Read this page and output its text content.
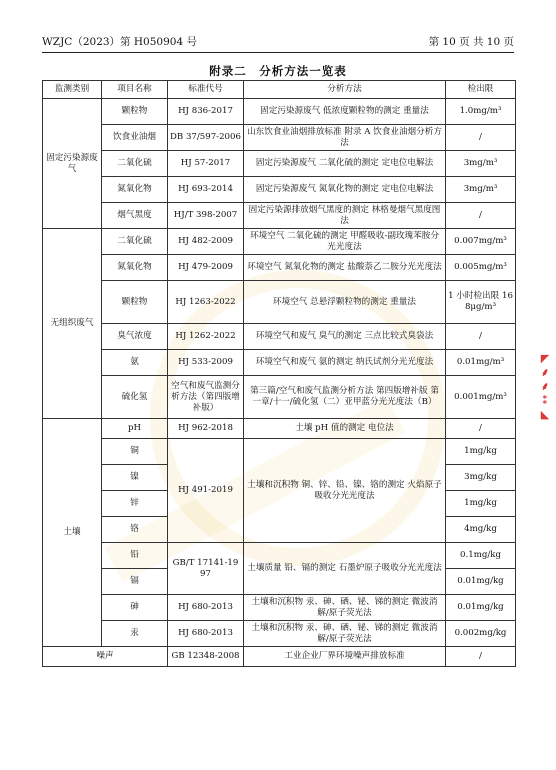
WZJC（2023）第 H050904 号	第 10 页 共 10 页
附录二　分析方法一览表
监测类别	项目名称	标准代号	分析方法	检出限
固定污染源废气	颗粒物	HJ 836-2017	固定污染源废气 低浓度颗粒物的测定 重量法	1.0mg/m³
	饮食业油烟	DB 37/597-2006	山东饮食业油烟排放标准 附录 A 饮食业油烟分析方法	/
	二氧化硫	HJ 57-2017	固定污染源废气 二氧化硫的测定 定电位电解法	3mg/m³
	氮氧化物	HJ 693-2014	固定污染源废气 氮氧化物的测定 定电位电解法	3mg/m³
	烟气黑度	HJ/T 398-2007	固定污染源排放烟气黑度的测定 林格曼烟气黑度图法	/
无组织废气	二氧化硫	HJ 482-2009	环境空气 二氧化硫的测定 甲醛吸收-副玫瑰苯胺分光光度法	0.007mg/m³
	氮氧化物	HJ 479-2009	环境空气 氮氧化物的测定 盐酸萘乙二胺分光光度法	0.005mg/m³
	颗粒物	HJ 1263-2022	环境空气 总悬浮颗粒物的测定 重量法	1 小时检出限 168μg/m³
	臭气浓度	HJ 1262-2022	环境空气和废气 臭气的测定 三点比较式臭袋法	/
	氨	HJ 533-2009	环境空气和废气 氨的测定 纳氏试剂分光光度法	0.01mg/m³
	硫化氢	空气和废气监测分析方法（第四版增补版）	第三篇/空气和废气监测分析方法 第四版增补版 第一章/十一/硫化氢（二）亚甲蓝分光光度法（B）	0.001mg/m³
土壤	pH	HJ 962-2018	土壤 pH 值的测定 电位法	/
	铜	HJ 491-2019	土壤和沉积物 铜、锌、铅、镍、铬的测定 火焰原子吸收分光光度法	1mg/kg
	镍			3mg/kg
	锌			1mg/kg
	铬			4mg/kg
	铅	GB/T 17141-1997	土壤质量 铅、镉的测定 石墨炉原子吸收分光光度法	0.1mg/kg
	镉			0.01mg/kg
	砷	HJ 680-2013	土壤和沉积物 汞、砷、硒、铋、锑的测定 微波消解/原子荧光法	0.01mg/kg
	汞	HJ 680-2013	土壤和沉积物 汞、砷、硒、铋、锑的测定 微波消解/原子荧光法	0.002mg/kg
噪声		GB 12348-2008	工业企业厂界环境噪声排放标准	/
◤
⸙
⸙
⁑
◣
